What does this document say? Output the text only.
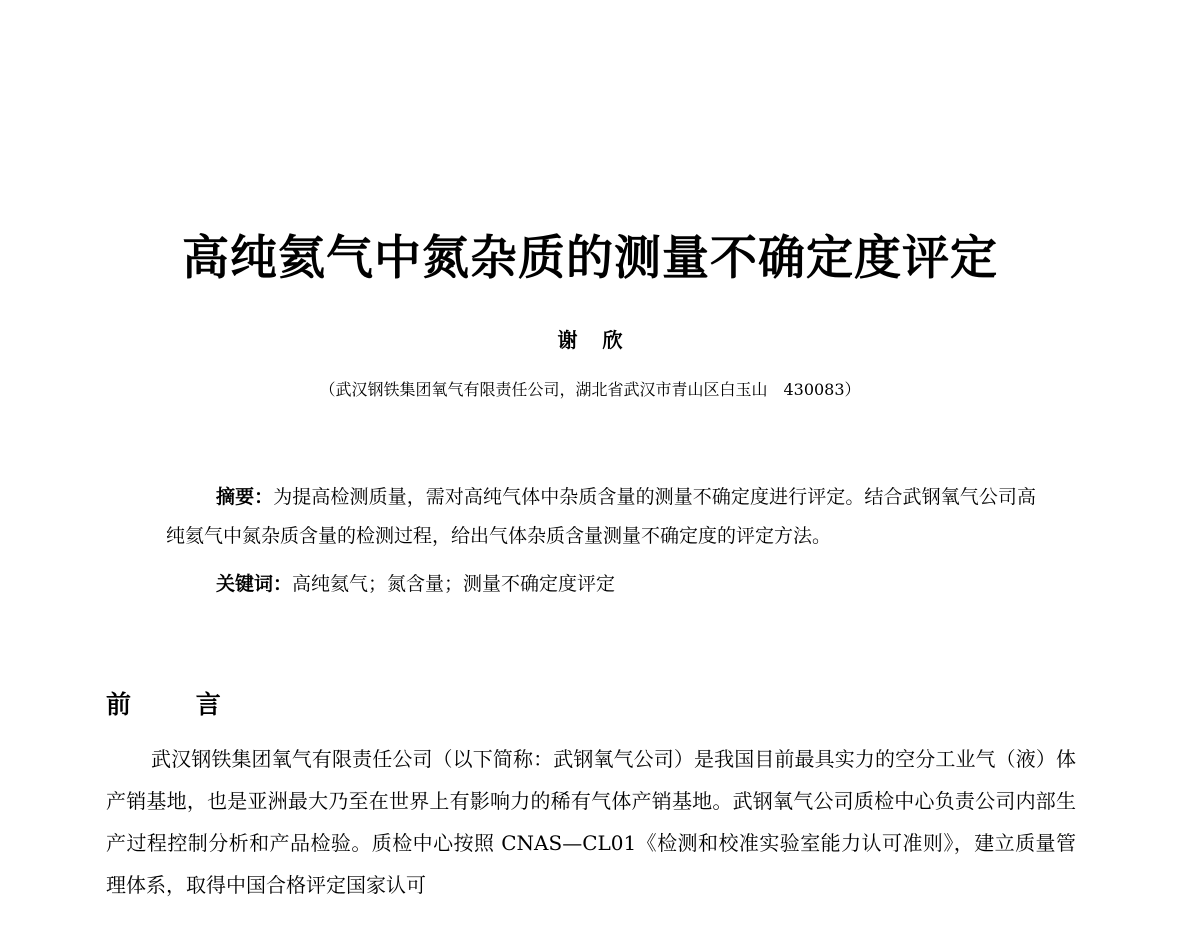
高纯氦气中氮杂质的测量不确定度评定
谢 欣
（武汉钢铁集团氧气有限责任公司，湖北省武汉市青山区白玉山　430083）

摘要：为提高检测质量，需对高纯气体中杂质含量的测量不确定度进行评定。结合武钢氧气公司高纯氦气中氮杂质含量的检测过程，给出气体杂质含量测量不确定度的评定方法。

关键词：高纯氦气；氮含量；测量不确定度评定

前 言

武汉钢铁集团氧气有限责任公司（以下简称：武钢氧气公司）是我国目前最具实力的空分工业气（液）体产销基地，也是亚洲最大乃至在世界上有影响力的稀有气体产销基地。武钢氧气公司质检中心负责公司内部生产过程控制分析和产品检验。质检中心按照 CNAS—CL01《检测和校准实验室能力认可准则》，建立质量管理体系，取得中国合格评定国家认可
